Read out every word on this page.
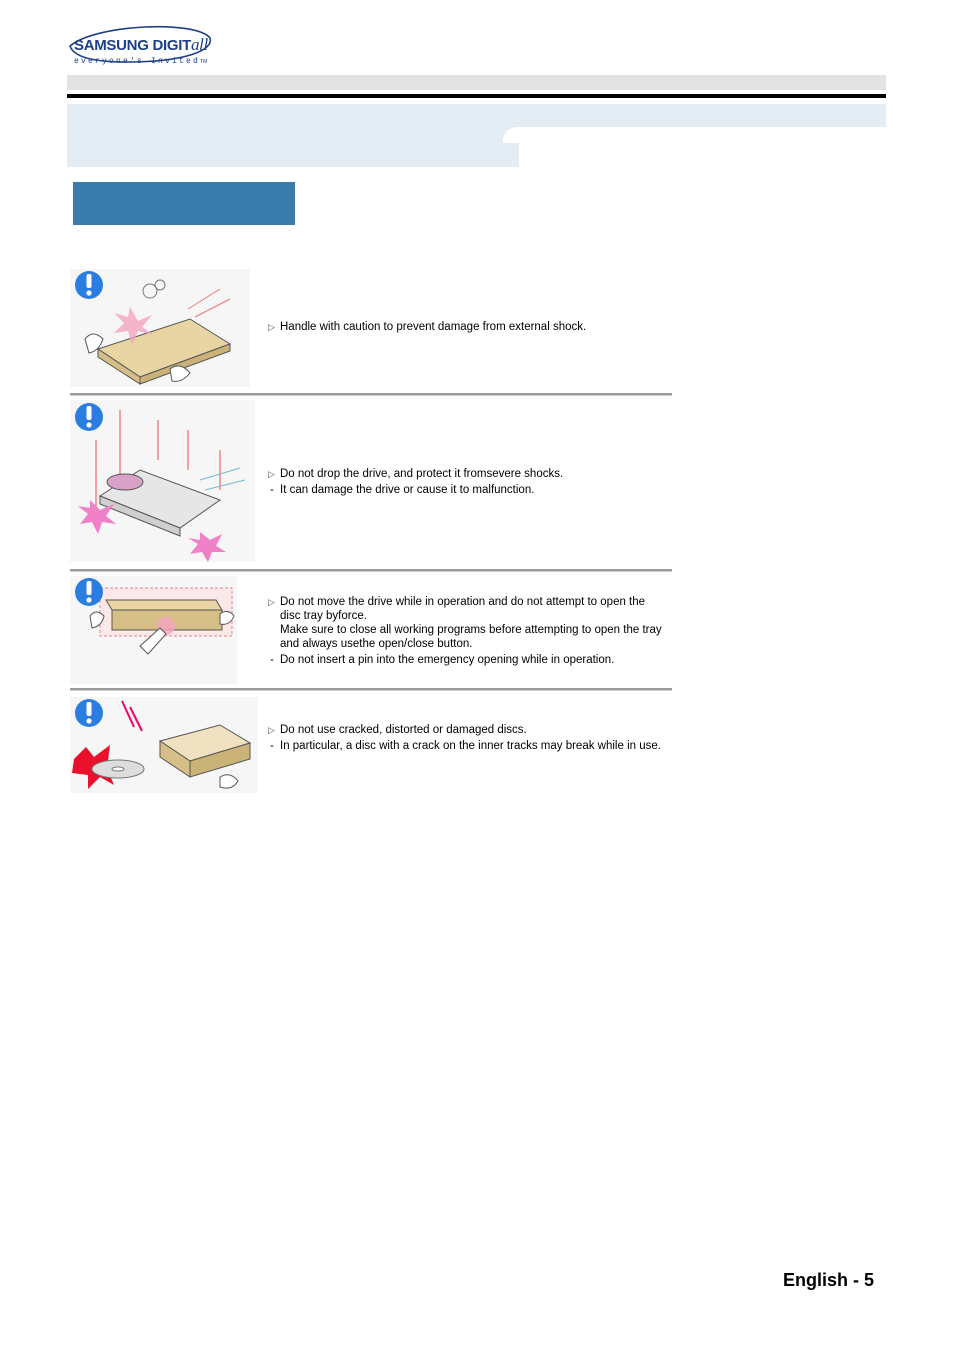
SAMSUNG DIGITall
everyone's InvitedTM

▷ Handle with caution to prevent damage from external shock.

▷ Do not drop the drive, and protect it fromsevere shocks.

- It can damage the drive or cause it to malfunction.

▷ Do not move the drive while in operation and do not attempt to open the disc tray byforce.

Make sure to close all working programs before attempting to open the tray and always usethe open/close button.

- Do not insert a pin into the emergency opening while in operation.

▷ Do not use cracked, distorted or damaged discs.

- In particular, a disc with a crack on the inner tracks may break while in use.

English - 5
